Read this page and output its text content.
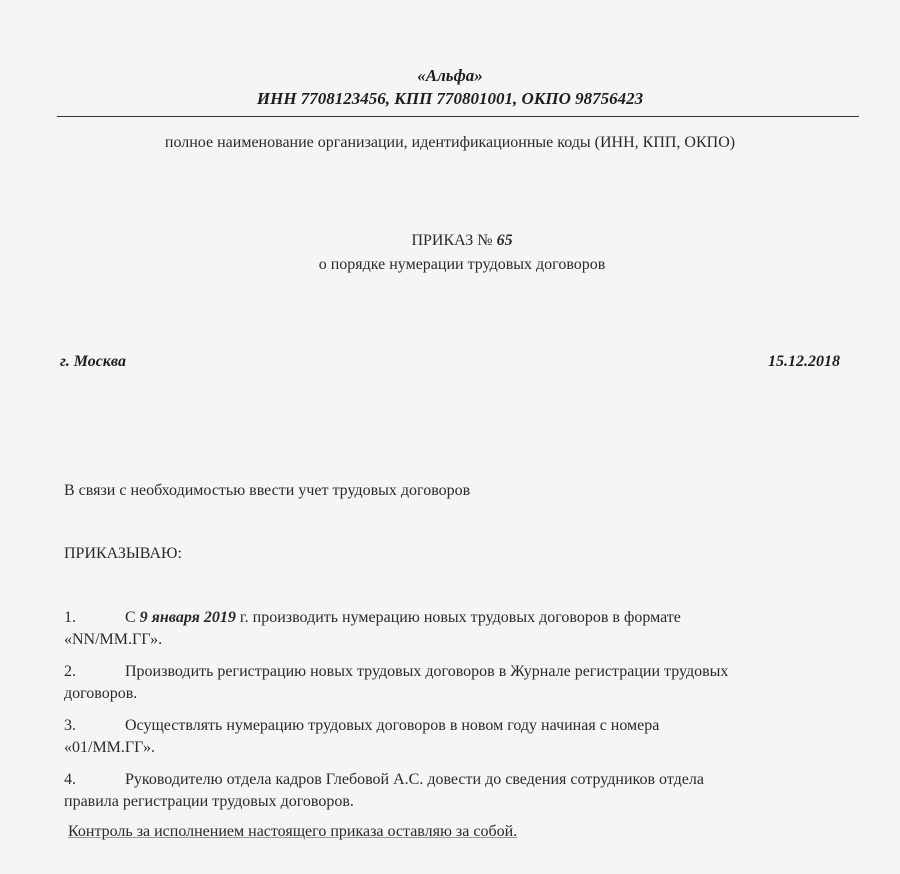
«Альфа»

ИНН 7708123456, КПП 770801001, ОКПО 98756423

полное наименование организации, идентификационные коды (ИНН, КПП, ОКПО)

ПРИКАЗ № 65

о порядке нумерации трудовых договоров

г. Москва	15.12.2018

В связи с необходимостью ввести учет трудовых договоров

ПРИКАЗЫВАЮ:

1.	С 9 января 2019 г. производить нумерацию новых трудовых договоров в формате
«NN/ММ.ГГ».
2.	Производить регистрацию новых трудовых договоров в Журнале регистрации трудовых
договоров.
3.	Осуществлять нумерацию трудовых договоров в новом году начиная с номера
«01/ММ.ГГ».
4.	Руководителю отдела кадров Глебовой А.С. довести до сведения сотрудников отдела
правила регистрации трудовых договоров.

Контроль за исполнением настоящего приказа оставляю за собой.
